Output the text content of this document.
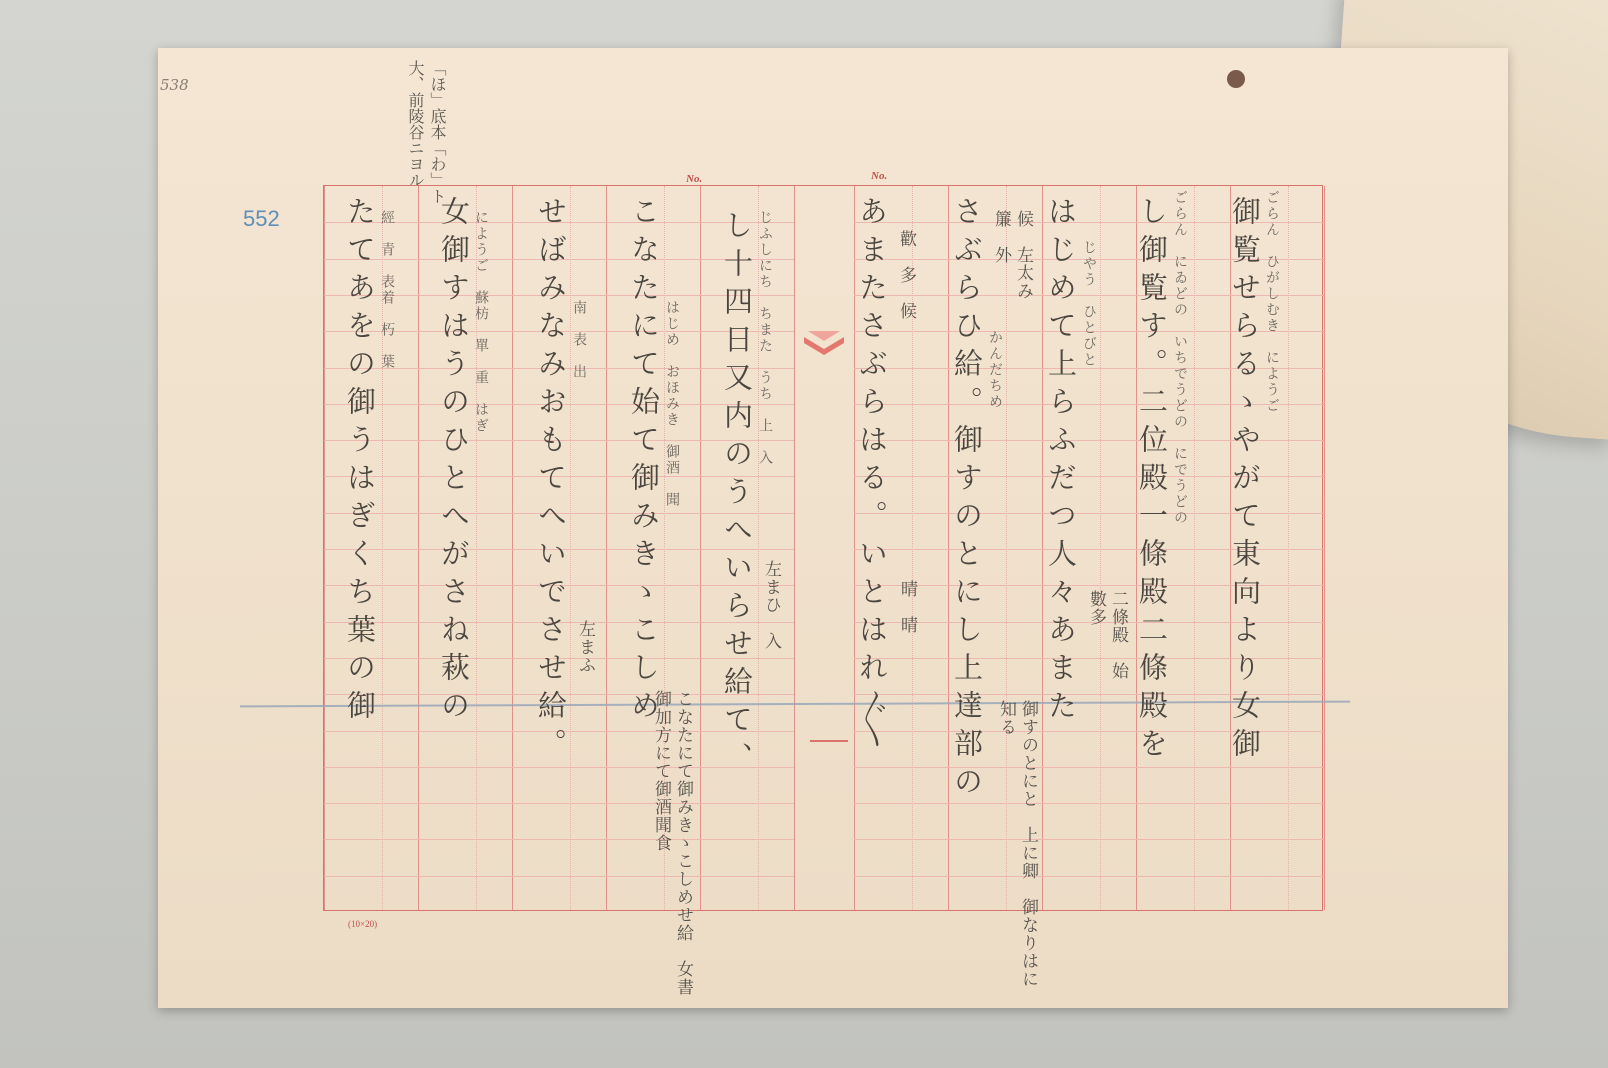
538
552
「ほ」底本「わ」ト大、前陵谷ニヨル	No.	No.
(10×20)
御覧せらるゝやがて東向より女御
し御覧す。二位殿一條殿二條殿を
はじめて上らふだつ人々あまた
さぶらひ給。御すのとにし上達部の
あまたさぶらはる。いとはれ〴〵
し十四日又内のうへいらせ給て、
こなたにて始て御みきゝこしめ
せばみなみおもてへいでさせ給。
女御すはうのひとへがさね萩の
たてあをの御うはぎくち葉の御	ごらん　ひがしむき　にようご
ごらん　にゐどの　いちでうどの　にでうどの
じやう　ひとびと
かんだちめ
じふしにち　ちまた　うち　上　入
はじめ　おほみき　御酒　聞
南　表　出
にようご　蘇枋　單　重　はぎ
經　青　表着　朽　葉
二條殿　始　數多
候　左太み　簾　外
歡　多　候
晴　晴
御すのとにと　上に卿　御なりはに知る
こなたにて御みきゝこしめせ給　女書御加方にて御酒聞食
左まひ　入
左まふ
